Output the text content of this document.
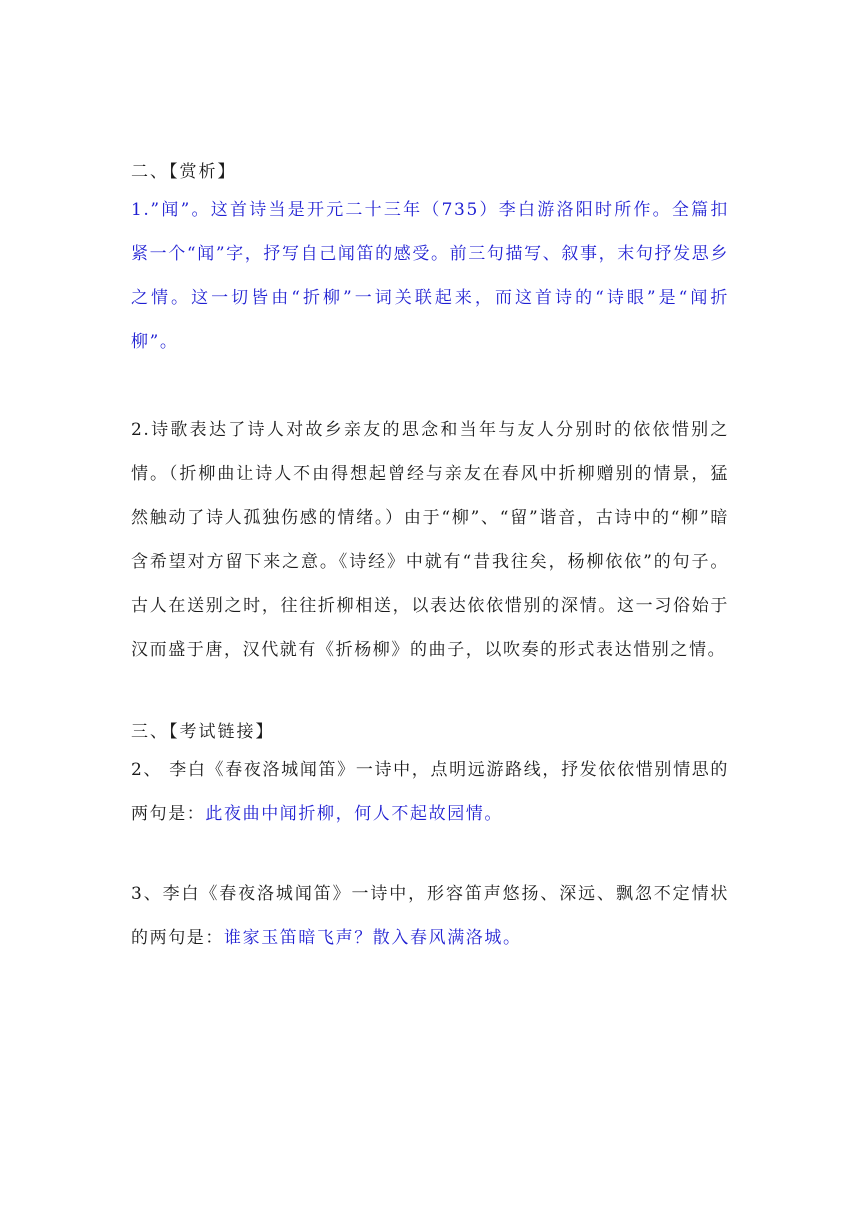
二、【赏析】

1.”闻”。这首诗当是开元二十三年（735）李白游洛阳时所作。全篇扣紧一个“闻”字，抒写自己闻笛的感受。前三句描写、叙事，末句抒发思乡之情。这一切皆由“折柳”一词关联起来，而这首诗的“诗眼”是“闻折柳”。

2.诗歌表达了诗人对故乡亲友的思念和当年与友人分别时的依依惜别之情。（折柳曲让诗人不由得想起曾经与亲友在春风中折柳赠别的情景，猛然触动了诗人孤独伤感的情绪。）由于“柳”、“留”谐音，古诗中的“柳”暗含希望对方留下来之意。《诗经》中就有“昔我往矣，杨柳依依”的句子。古人在送别之时，往往折柳相送，以表达依依惜别的深情。这一习俗始于汉而盛于唐，汉代就有《折杨柳》的曲子，以吹奏的形式表达惜别之情。

三、【考试链接】

2、 李白《春夜洛城闻笛》一诗中，点明远游路线，抒发依依惜别情思的两句是：此夜曲中闻折柳，何人不起故园情。

3、李白《春夜洛城闻笛》一诗中，形容笛声悠扬、深远、飘忽不定情状的两句是：谁家玉笛暗飞声？散入春风满洛城。
